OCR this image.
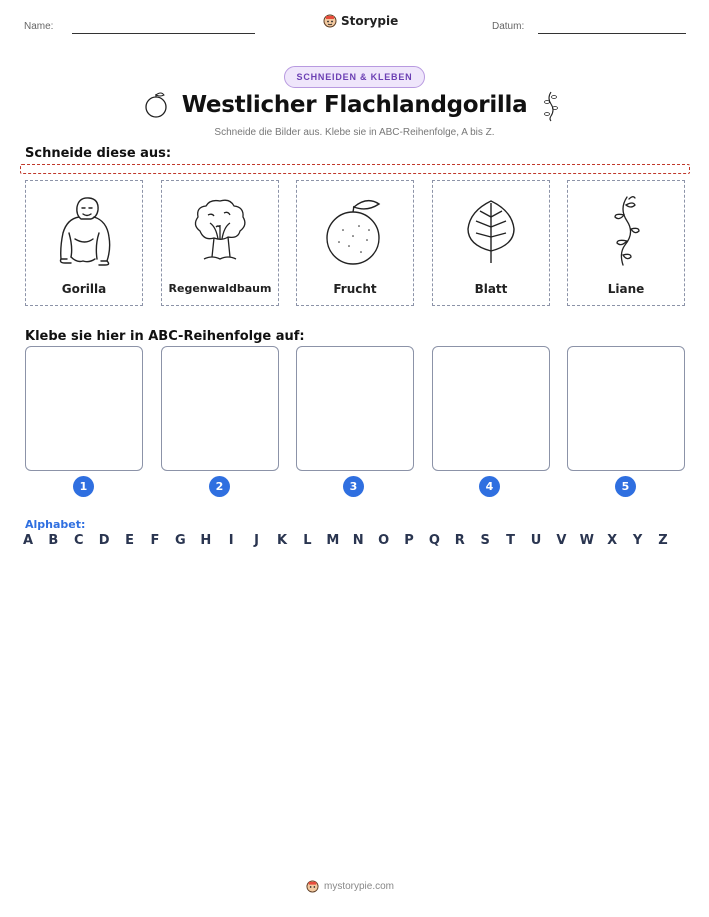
Name:	Storypie	Datum:
SCHNEIDEN & KLEBEN
Westlicher Flachlandgorilla
Schneide die Bilder aus. Klebe sie in ABC-Reihenfolge, A bis Z.
Schneide diese aus:
Gorilla	Regenwaldbaum	Frucht	Blatt	Liane
Klebe sie hier in ABC-Reihenfolge auf:
1	2	3	4	5
Alphabet:
A	B	C	D	E	F	G	H	I	J	K	L	M	N	O	P	Q	R	S	T	U	V	W	X	Y	Z
mystorypie.com
